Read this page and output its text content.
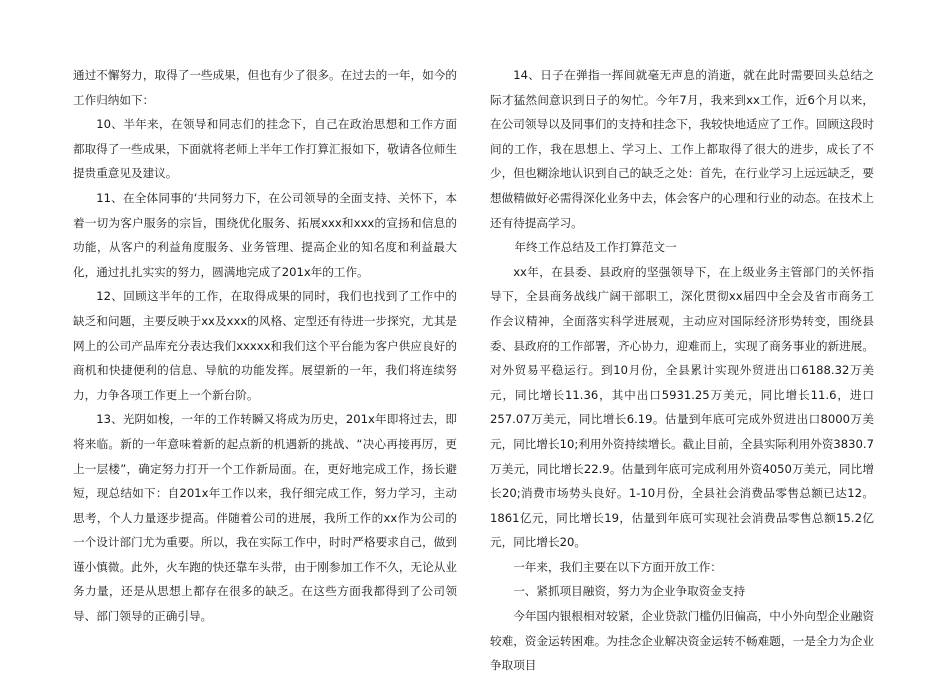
通过不懈努力，取得了一些成果，但也有少了很多。在过去的一年，如今的工作归纳如下：

10、半年来，在领导和同志们的挂念下，自己在政治思想和工作方面都取得了一些成果，下面就将老师上半年工作打算汇报如下，敬请各位师生提贵重意见及建议。

11、在全体同事的‘共同努力下，在公司领导的全面支持、关怀下，本着一切为客户服务的宗旨，围绕优化服务、拓展xxx和xxx的宣扬和信息的功能，从客户的利益角度服务、业务管理、提高企业的知名度和利益最大化，通过扎扎实实的努力，圆满地完成了201x年的工作。

12、回顾这半年的工作，在取得成果的同时，我们也找到了工作中的缺乏和问题，主要反映于xx及xxx的风格、定型还有待进一步探究，尤其是网上的公司产品库充分表达我们xxxxx和我们这个平台能为客户供应良好的商机和快捷便利的信息、导航的功能发挥。展望新的一年，我们将连续努力，力争各项工作更上一个新台阶。

13、光阴如梭，一年的工作转瞬又将成为历史，201x年即将过去，即将来临。新的一年意味着新的起点新的机遇新的挑战、“决心再接再厉，更上一层楼”，确定努力打开一个工作新局面。在，更好地完成工作，扬长避短，现总结如下：自201x年工作以来，我仔细完成工作，努力学习，主动思考，个人力量逐步提高。伴随着公司的进展，我所工作的xx作为公司的一个设计部门尤为重要。所以，我在实际工作中，时时严格要求自己，做到谨小慎微。此外，火车跑的快还靠车头带，由于刚参加工作不久，无论从业务力量，还是从思想上都存在很多的缺乏。在这些方面我都得到了公司领导、部门领导的正确引导。

14、日子在弹指一挥间就毫无声息的消逝，就在此时需要回头总结之际才猛然间意识到日子的匆忙。今年7月，我来到xx工作，近6个月以来，在公司领导以及同事们的支持和挂念下，我较快地适应了工作。回顾这段时间的工作，我在思想上、学习上、工作上都取得了很大的进步，成长了不少，但也糊涂地认识到自己的缺乏之处：首先，在行业学习上远远缺乏，要想做精做好必需得深化业务中去，体会客户的心理和行业的动态。在技术上还有待提高学习。

年终工作总结及工作打算范文一

xx年，在县委、县政府的坚强领导下，在上级业务主管部门的关怀指导下，全县商务战线广阔干部职工，深化贯彻xx届四中全会及省市商务工作会议精神，全面落实科学进展观，主动应对国际经济形势转变，围绕县委、县政府的工作部署，齐心协力，迎难而上，实现了商务事业的新进展。对外贸易平稳运行。到10月份，全县累计实现外贸进出口6188.32万美元，同比增长11.36，其中出口5931.25万美元，同比增长11.6，进口257.07万美元，同比增长6.19。估量到年底可完成外贸进出口8000万美元，同比增长10;利用外资持续增长。截止目前，全县实际利用外资3830.7万美元，同比增长22.9。估量到年底可完成利用外资4050万美元，同比增长20;消费市场势头良好。1-10月份，全县社会消费品零售总额已达12。1861亿元，同比增长19，估量到年底可实现社会消费品零售总额15.2亿元，同比增长20。

一年来，我们主要在以下方面开放工作：

一、紧抓项目融资，努力为企业争取资金支持

今年国内银根相对较紧，企业贷款门槛仍旧偏高，中小外向型企业融资较难，资金运转困难。为挂念企业解决资金运转不畅难题，一是全力为企业争取项目
